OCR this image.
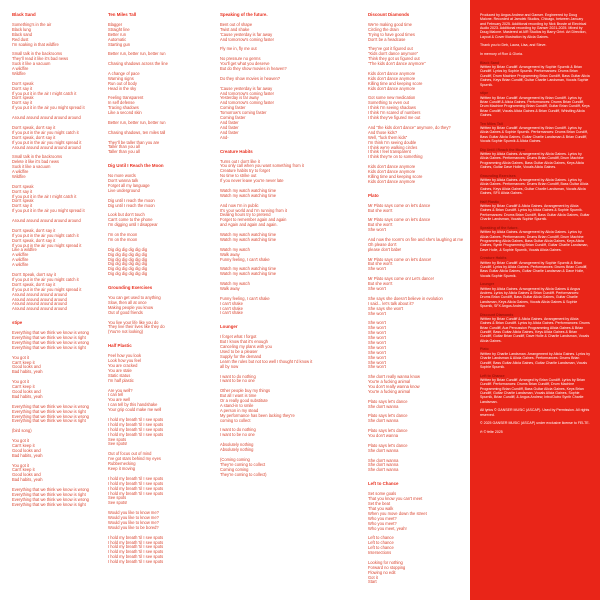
Black Sand
Something's in the air
Black lung
Black sand
Red dust
I'm soaking in that wildfire
Small talk in the backrooms
They'll read it like it's bad news
Suck it like a vacuum
A wildfire
Wildfire
Don't speak
Don't say it
If you put it in the air I might catch it
Don't speak
Don't say it
If you put it in the air you might spread it
Around around around around around
Don't speak, don't say it
If you put in the air you might catch it
Don't speak, don't say it
If you put in the air you might spread it
Around around around around around
Small talk in the backrooms
Delete it like it's bad news
Suck it like a vacuum
A wildfire
Wildfire
Don't speak
Don't say it
If you put it in the air I might catch it
Don't speak
Don't say it
If you put it in the air you might spread it
Around around around around around
Don't speak, don't say it
If you put in the air you might catch it
Don't speak, don't say it
If you put in the air you might spread it
Like a wildfire
A wildfire
A wildfire
A wildfire
Don't Speak, don't say it
If you put in the air you might catch it
Don't speak, don't say it
If you put in the air you might spread it
Around around around around
Around around around around
Around around around around
Around around around around
stipe
Everything that we think we know is wrong
Everything that we think we know is right
Everything that we think we know is wrong
Everything that we think we know is right
You got it
Can't keep it
Good looks and
Bad habits, yeah
You got it
Can't keep it
Good looks and
Bad habits, yeah
Everything that we think we know is wrong
Everything that we think we know is right
Everything that we think we know is wrong
Everything that we think we know is right
(bird song)
You got it
Can't keep it
Good looks and
Bad habits, yeah
You got it
Can't keep it
Good looks and
Bad habits, yeah
Everything that we think we know is wrong
Everything that we think we know is right
Everything that we think we know is wrong
Everything that we think we know is right
Ten Miles Tall
Blagger
Straight line
Better run
Automatic
Starting gun
Better run, better run, better run
Chasing shadows across the line
A change of pace
Warning signs
Run out of body
Head in the sky
Feeling transparent
In self defense
Tracing shadows
Like a second skin
Better run, better run, better run
Chasing shadows, ten miles tall
They'll be taller than you are
Taller than you all
Taller than you all
Dig Until I Reach the Moon
No more words
Don't wanna talk
Forget all my language
Live underground
Dig until I reach the moon
Dig until I reach the moon
Look but don't touch
Can't come to the phone
I'm digging until I disappear
I'm on the moon
I'm on the moon
Dig dig dig dig dig dig
Dig dig dig dig dig dig
Dig dig dig dig dig dig
Dig dig dig dig dig dig
Dig dig dig dig dig dig
Dig dig dig dig dig dig
Grounding Exercises
You can get used to anything
Slow, then all at once
Making people you know
Out of good friends
You live your life like you do
They live their lives like they do
(You're not looking)
Half Plastic
Feel how you look
Look how you feel
You are cracked
You are stale
Static status
I'm half plastic
Are you well?
I can tell
You are well
I can tell by this handshake
Your grip could make me well
I hold my breath 'til I see spots
I hold my breath 'til I see spots
I hold my breath 'til I see spots
I hold my breath 'til I see spots
See spots
See spots!
Out of focus out of mind
I've got stars behind my eyes
Rubbernecking
Keep it moving
I hold my breath 'til I see spots
I hold my breath 'til I see spots
I hold my breath 'til I see spots
I hold my breath 'til I see spots
See spots
See spots!
Would you like to know me?
Would you like to know me?
Would you like to know me?
Would you like to be bored?
I hold my breath 'til I see spots
I hold my breath 'til I see spots
I hold my breath 'til I see spots
I hold my breath 'til I see spots
I hold my breath 'til I see spots
I hold my breath 'til I see spots
Speaking of the future.
Bent out of shape
Twist and shake
'Cause yesterday is far away
And tomorrow's coming faster
Fly me in, fly me out
No pressure no germs
You'll get what you deserve
But do they show movies in heaven?
Do they show movies in heaven?
'Cause yesterday is far away
And tomorrow's coming faster
Yesterday is far away
And tomorrow's coming faster
Coming faster
Tomorrow's coming faster
Coming faster
And faster
And faster
And faster
And-
Creature Habits
Turns out I don't like it
You only call when you want something from it
Creature habits try to forget
No time to strike out
If you never leave you're never late
Watch my watch watching time
Watch my watch watching time
And now I'm in public
It's your world and I'm running from it
Dealing hours try to pretend
Forget to remember again and again
and Again and again and again.
Watch my watch watching time
Watch my watch watching time
Watch my watch
Walk away
Funny feeling, I can't shake
Watch my watch watching time
Watch my watch watching time
Watch my watch
Walk away
Funny feeling, I can't shake
I can't shake
I can't shake
I can't shake
Lounger
I forget what I forgot
But I know that it's enough
Canceling my plans with you
Used to be a pleaser
Supply for the demand
Learn the rules but not too well I thought I'd know it
all by now
I want to do nothing
I want to be no one
Other people buy my things
But all I want is time
Or a really good substitute
A stand-in to smile
A person in my stead
My performance has been lacking they're
coming to collect
I want to do nothing
I want to be no one
Absolutely nothing
Absolutely nothing
(Coming coming
They're coming to collect
Coming coming
They're coming to collect)
Discount Diamonds
We're making good time
Circling the drain
Trying to have good times
Don't be a headcase
They've got it figured out
"Kids don't dance anymore"
Think they got us figured out
"The kids don't dance anymore"
Kids don't dance anymore
Kids don't dance anymore
Killing time and keeping score
Kids don't dance anymore
Got some new medication
Something to even out
I think I'm seeing shadows
I think I'm scared of numbers
I think they've figured me out
And "the kids don't dance" anymore, do they?
And those kids?
Well, "fuck them kids"
I'm think I'm seeing double
I think we're walking circles
I think I feel transparent
I think they're on to something
Kids don't dance anymore
Kids don't dance anymore
Killing time and keeping score
Kids don't dance anymore
Plato
Mr Plato says come on let's dance
But she won't
Mr Plato says come on let's dance
But she won't
She won't
And now the room's on fire and she's laughing at me
Oh please don't
please don't babe!
Mr Plato says come on let's dance!
But she won't
She won't
Mr Plato says come on! Let's dance!
But she won't
She won't
She says she doesn't believe in evolution
I said... let's talk about it?
She says she won't
She won't
She won't
She won't
She won't
She won't
She won't
She won't
She won't
She won't
She won't
She won't
She don't really wanna know
You're a fucking animal
You don't really wanna know
You're a fucking animal
Plato says let's dance
She don't wanna
Plato says let's dance
She don't wanna
Plato says let's dance
You don't wanna
Plato says let's dance
She don't wanna
She don't wanna
She don't wanna
She don't wanna
Left to Chance
Set some goals
That you know you can't meet
Set the beat
That you walk
When you move down the street
Who you meet?
Who you meet?
Who you meet, yeah!
Left to chance
Left to chance
Left to chance
Intersections
Looking for nothing
Forward no stopping
Flowing no edit
Got it
Start

Produced by Angus Andrew and Ganser. Engineered by Doug Malone. Recorded at Jamdek Studios, Chicago, between January and February 2025. Additional recording by Nick Broste at Electrical Audio 2023. Additional recording by Ganser 2021-2025. Mixed by Doug Malone. Mastered at AIR Studios by Barry Grint. Art Direction, Layout & Cover Illustration by Alicia Gaines.

Thank you to Deb, Laura, Lisa, and Steve.

In memory of Ron & Gloria.

Black Sand
Written by Brian Cundiff. Arrangement by Sophie Spurnik & Brian Cundiff. Lyrics by Sophie Spurnik. Performances: Drums Brian Cundiff, Drum Machine Programming Brian Cundiff, Bass Guitar Alicia Gaines, Keys Brian Cundiff, Guitar Charlie Landsman, Vocals Sophie Spurnik.
stipe
Written by Brian Cundiff. Arrangement by Brian Cundiff. Lyrics by Brian Cundiff & Alicia Gaines. Performances: Drums Brian Cundiff, Drum Machine Programming Brian Cundiff, Guitar Brian Cundiff, Keys Brian Cundiff, Vocals Alicia Gaines & Brian Cundiff, Whistling Alicia Gaines.
Ten Miles Tall
Written by Brian Cundiff. Arrangement by Brian Cundiff. Lyrics by Alicia Gaines & Sophie Spurnik. Performances: Drums Brian Cundiff, Bass Guitar Alicia Gaines, Guitar Charlie Landsman & Brian Cundiff, Vocals Sophie Spurnik & Alicia Gaines.
Dig Until I Reach the Moon
Written by Alicia Gaines. Arrangement by Alicia Gaines. Lyrics by Alicia Gaines. Performances: Drums Brian Cundiff, Drum Machine Programming Alicia Gaines, Bass Guitar Alicia Gaines, Keys Alicia Gaines, Guitar Dave Holle, Vocals Alicia Gaines.
Grounding Exercises
Written by Alicia Gaines. Arrangement by Alicia Gaines. Lyrics by Alicia Gaines. Performances: Drums Brian Cundiff, Bass Guitar Alicia Gaines, Keys Alicia Gaines, Guitar Charlie Landsman, Vocals Alicia Gaines, SFX Alicia Gaines.
Half Plastic
Written by Brian Cundiff & Alicia Gaines. Arrangement by Alicia Gaines & Brian Cundiff. Lyrics by Alicia Gaines & Sophie Spurnik. Performances: Drums Brian Cundiff, Bass Guitar Alicia Gaines, Guitar Charlie Landsman, Vocals Sophie Spurnik.
Speaking of the future.
Written by Alicia Gaines. Arrangement by Alicia Gaines. Lyrics by Alicia Gaines. Performances: Drums Brian Cundiff, Drum Machine Programming Alicia Gaines, Bass Guitar Alicia Gaines, Keys Alicia Gaines, Synth Programming Brian Cundiff, Guitar Charlie Landsman, Dave Holle, & Sophie Spurnik, Vocals Alicia Gaines.
Creature Habits
Written by Brian Cundiff. Arrangement by Sophie Spurnik & Brian Cundiff. Lyrics by Alicia Gaines. Performances: Drums Brian Cundiff, Bass Guitar Alicia Gaines, Guitar Charlie Landsman & Dave Holle, Vocals Sophie Spurnik.
Lounger
Written by Alicia Gaines. Arrangement by Alicia Gaines & Angus Andrew. Lyrics by Alicia Gaines & Brian Cundiff. Performances: Drums Brian Cundiff, Bass Guitar Alicia Gaines, Guitar Charlie Landsman, Keys Alicia Gaines, Vocals Alicia Gaines & Sophie Spurnik, SFX Angus Andrew.
Discount Diamonds
Written by Brian Cundiff & Alicia Gaines. Arrangement by Alicia Gaines & Brian Cundiff. Lyrics by Alicia Gaines. Performances: Drums Brian Cundiff, Aux Percussion Programming Alicia Gaines & Brian Cundiff, Bass Guitar Alicia Gaines, Keys Alicia Gaines & Brian Cundiff, Guitar Brian Cundiff, Dave Holle & Charlie Landsman, Vocals Alicia Gaines.
Plato
Written by Charlie Landsman. Arrangement by Alicia Gaines. Lyrics by Charlie Landsman & Alicia Gaines. Performances: Drums Brian Cundiff, Bass Guitar Alicia Gaines, Guitar Charlie Landsman, Vocals Sophie Spurnik.
Left to Chance
Written by Brian Cundiff. Arranged by Brian Cundiff. Lyrics by Brian Cundiff. Performances: Drums Brian Cundiff, Drum Machine Programming Brian Cundiff, Bass Guitar Alicia Gaines, Keys Brian Cundiff, Guitar Charlie Landsman, Vocals Alicia Gaines, Sophie Spurnik, Brian Cundiff, & Angus Andrew, Intro/Outro Synth Charlie Landsman.

All lyrics © GANSER MUSIC (ASCAP). Used by Permission. All rights reserved.

© 2025 GANSER MUSIC (ASCAP) under exclusive license to FELTE.

℗ © felte 2025
